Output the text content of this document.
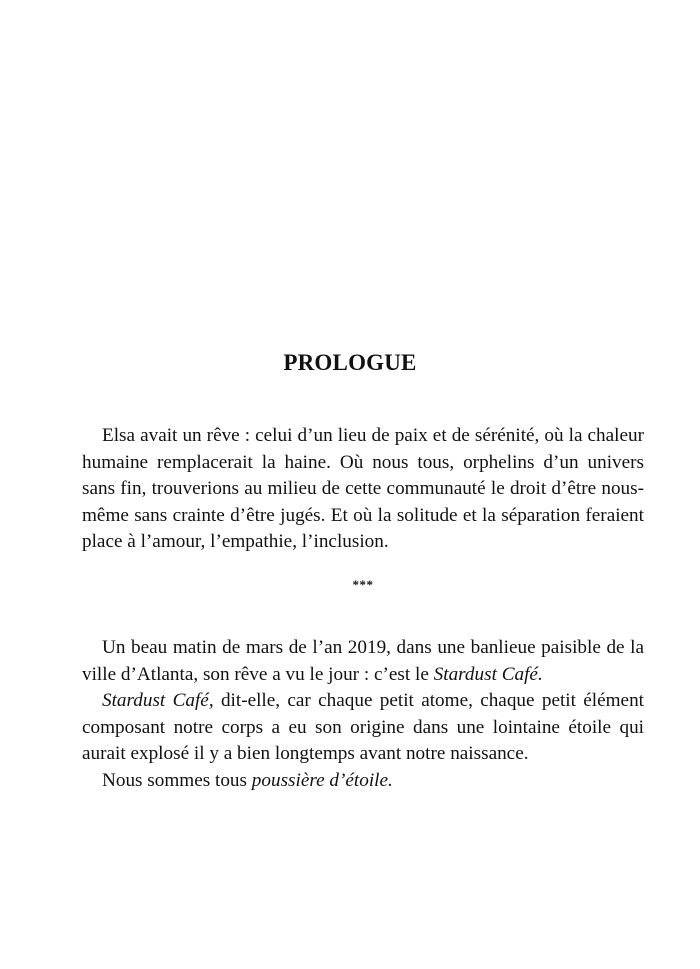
PROLOGUE

Elsa avait un rêve : celui d’un lieu de paix et de sérénité, où la chaleur humaine remplacerait la haine. Où nous tous, orphelins d’un univers sans fin, trouverions au milieu de cette communauté le droit d’être nous-même sans crainte d’être jugés. Et où la solitude et la séparation feraient place à l’amour, l’empathie, l’inclusion.

***

Un beau matin de mars de l’an 2019, dans une banlieue paisible de la ville d’Atlanta, son rêve a vu le jour : c’est le Stardust Café.

Stardust Café, dit-elle, car chaque petit atome, chaque petit élément composant notre corps a eu son origine dans une lointaine étoile qui aurait explosé il y a bien longtemps avant notre naissance.

Nous sommes tous poussière d’étoile.
